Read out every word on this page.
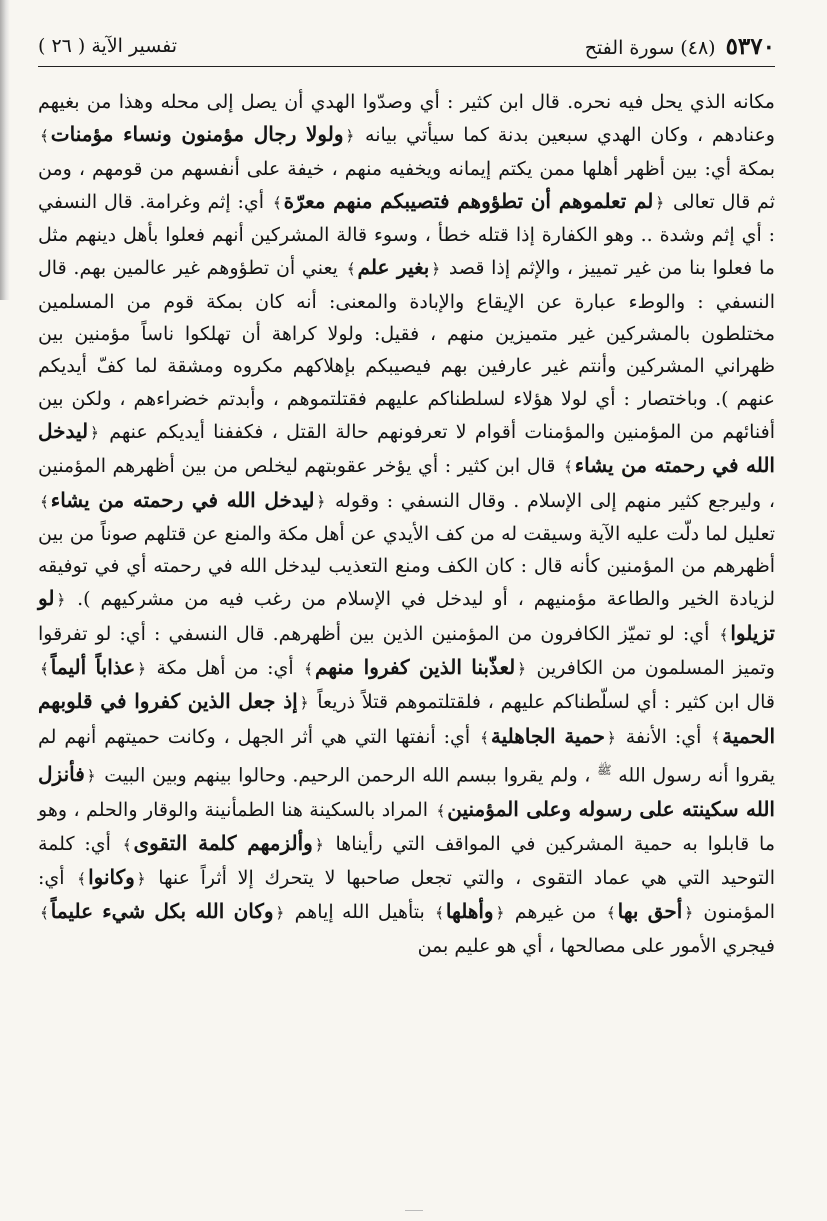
٥٣٧٠
(٤٨) سورة الفتح
تفسير الآية ( ٢٦ )

مكانه الذي يحل فيه نحره. قال ابن كثير : أي وصدّوا الهدي أن يصل إلى محله وهذا من بغيهم وعنادهم ، وكان الهدي سبعين بدنة كما سيأتي بيانه ﴿ولولا رجال مؤمنون ونساء مؤمنات﴾ بمكة أي: بين أظهر أهلها ممن يكتم إيمانه ويخفيه منهم ، خيفة على أنفسهم من قومهم ، ومن ثم قال تعالى ﴿لم تعلموهم أن تطؤوهم فتصيبكم منهم معرّة﴾ أي: إثم وغرامة. قال النسفي : أي إثم وشدة .. وهو الكفارة إذا قتله خطأ ، وسوء قالة المشركين أنهم فعلوا بأهل دينهم مثل ما فعلوا بنا من غير تمييز ، والإثم إذا قصد ﴿بغير علم﴾ يعني أن تطؤوهم غير عالمين بهم. قال النسفي : والوطء عبارة عن الإيقاع والإبادة والمعنى: أنه كان بمكة قوم من المسلمين مختلطون بالمشركين غير متميزين منهم ، فقيل: ولولا كراهة أن تهلكوا ناساً مؤمنين بين ظهراني المشركين وأنتم غير عارفين بهم فيصيبكم بإهلاكهم مكروه ومشقة لما كفّ أيديكم عنهم ). وباختصار : أي لولا هؤلاء لسلطناكم عليهم فقتلتموهم ، وأبدتم خضراءهم ، ولكن بين أفنائهم من المؤمنين والمؤمنات أقوام لا تعرفونهم حالة القتل ، فكففنا أيديكم عنهم ﴿ليدخل الله في رحمته من يشاء﴾ قال ابن كثير : أي يؤخر عقوبتهم ليخلص من بين أظهرهم المؤمنين ، وليرجع كثير منهم إلى الإسلام . وقال النسفي : وقوله ﴿ليدخل الله في رحمته من يشاء﴾ تعليل لما دلّت عليه الآية وسيقت له من كف الأيدي عن أهل مكة والمنع عن قتلهم صوناً من بين أظهرهم من المؤمنين كأنه قال : كان الكف ومنع التعذيب ليدخل الله في رحمته أي في توفيقه لزيادة الخير والطاعة مؤمنيهم ، أو ليدخل في الإسلام من رغب فيه من مشركيهم ). ﴿لو تزيلوا﴾ أي: لو تميّز الكافرون من المؤمنين الذين بين أظهرهم. قال النسفي : أي: لو تفرقوا وتميز المسلمون من الكافرين ﴿لعذّبنا الذين كفروا منهم﴾ أي: من أهل مكة ﴿عذاباً أليماً﴾ قال ابن كثير : أي لسلّطناكم عليهم ، فلقتلتموهم قتلاً ذريعاً ﴿إذ جعل الذين كفروا في قلوبهم الحمية﴾ أي: الأنفة ﴿حمية الجاهلية﴾ أي: أنفتها التي هي أثر الجهل ، وكانت حميتهم أنهم لم يقروا أنه رسول الله $^ﷺ$ ، ولم يقروا ببسم الله الرحمن الرحيم. وحالوا بينهم وبين البيت ﴿فأنزل الله سكينته على رسوله وعلى المؤمنين﴾ المراد بالسكينة هنا الطمأنينة والوقار والحلم ، وهو ما قابلوا به حمية المشركين في المواقف التي رأيناها ﴿وألزمهم كلمة التقوى﴾ أي: كلمة التوحيد التي هي عماد التقوى ، والتي تجعل صاحبها لا يتحرك إلا أثراً عنها ﴿وكانوا﴾ أي: المؤمنون ﴿أحق بها﴾ من غيرهم ﴿وأهلها﴾ بتأهيل الله إياهم ﴿وكان الله بكل شيء عليماً﴾ فيجري الأمور على مصالحها ، أي هو عليم بمن
